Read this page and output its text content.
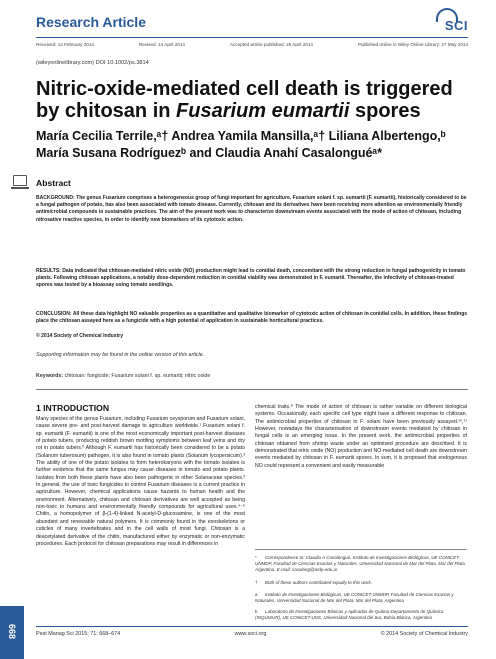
Research Article	SCI
Received: 14 February 2014	Revised: 14 April 2014	Accepted article published: 25 April 2014	Published online in Wiley Online Library: 27 May 2014
(wileyonlinelibrary.com) DOI 10.1002/ps.3814
Nitric-oxide-mediated cell death is triggered
by chitosan in Fusarium eumartii spores
María Cecilia Terrile,ᵃ† Andrea Yamila Mansilla,ᵃ† Liliana Albertengo,ᵇ
María Susana Rodríguezᵇ and Claudia Anahí Casalonguéᵃ*
Abstract
BACKGROUND: The genus Fusarium comprises a heterogeneous group of fungi important for agriculture. Fusarium solani f. sp. eumartii (F. eumartii), historically considered to be a fungal pathogen of potato, has also been associated with tomato disease. Currently, chitosan and its derivatives have been receiving more attention as environmentally friendly antimicrobial compounds in sustainable practices. The aim of the present work was to characterize downstream events associated with the mode of action of chitosan, including nitrosative reactive species, in order to identify new biomarkers of its cytotoxic action.
RESULTS: Data indicated that chitosan-mediated nitric oxide (NO) production might lead to conidial death, concomitant with the strong reduction in fungal pathogenicity in tomato plants. Following chitosan applications, a notably dose-dependent reduction in conidial viability was demonstrated in F. eumartii. Thereafter, the infectivity of chitosan-treated spores was tested by a bioassay using tomato seedlings.
CONCLUSION: All these data highlight NO valuable properties as a quantitative and qualitative biomarker of cytotoxic action of chitosan in conidial cells. In addition, these findings place the chitosan assayed here as a fungicide with a high potential of application in sustainable horticultural practices.
© 2014 Society of Chemical Industry
Supporting information may be found in the online version of this article.
Keywords: chitosan; fungicide; Fusarium solani f. sp. eumartii; nitric oxide
1 INTRODUCTION
Many species of the genus Fusarium, including Fusarium oxysporum and Fusarium solani, cause severe pre- and post-harvest damage to agriculture worldwide.¹ Fusarium solani f. sp. eumartii (F. eumartii) is one of the most economically important post-harvest diseases of potato tubers, producing reddish brown mottling symptoms between leaf veins and dry rot in potato tubers.² Although F. eumartii has historically been considered to be a potato (Solanum tuberosum) pathogen, it is also found in tomato plants (Solanum lycopersicum).³ The ability of one of the potato isolates to form heterokaryons with the tomato isolates is further evidence that the same fungus may cause diseases in tomato and potato plants. Isolates from both these plants have also been pathogenic in other Solanaceae species.³ In general, the use of toxic fungicides to control Fusarium diseases is a current practice in agriculture. However, chemical applications cause hazards to human health and the environment. Alternatively, chitosan and chitosan derivatives are well accepted as being non-toxic to humans and environmentally friendly compounds for agricultural uses.⁴⁻⁶ Chitin, a homopolymer of β-(1-4)-linked N-acetyl-D-glucosamine, is one of the most abundant and renewable natural polymers. It is commonly found in the exoskeletons or cuticles of many invertebrates and in the cell walls of most fungi. Chitosan is a deacetylated derivative of the chitin, manufactured either by enzymatic or non-enzymatic procedures. Each protocol for chitosan preparations may result in differences in
chemical traits.⁸ The mode of action of chitosan is rather variable on different biological systems. Occasionally, each specific cell type might have a different response to chitosan. The antimicrobial properties of chitosan in F. solani have been previously assayed.¹⁰,¹¹ However, nowadays the characterisation of downstream events mediated by chitosan in fungal cells is an emerging issue. In the present work, the antimicrobial properties of chitosan obtained from shrimp waste under an optimised procedure are described. It is demonstrated that nitric oxide (NO) production and NO-mediated cell death are downstream events mediated by chitosan in F. eumartii spores. In sum, it is proposed that endogenous NO could represent a convenient and easily measurable
* Correspondence to: Claudia A Casalongué, Instituto de Investigaciones Biológicas, UE CONICET-UNMDP, Facultad de Ciencias Exactas y Naturales, Universidad Nacional de Mar del Plata, Mar del Plata, Argentina. E-mail: casalong@mdp.edu.ar
† Both of these authors contributed equally to this work.
a Instituto de Investigaciones Biológicas, UE CONICET-UNMDP, Facultad de Ciencias Exactas y Naturales, Universidad Nacional de Mar del Plata, Mar del Plata, Argentina
b Laboratorio de Investigaciones Básicas y Aplicadas de Quitina-Departamento de Química (INQUISUR), UE CONICET-UNS, Universidad Nacional del Sur, Bahía Blanca, Argentina
668	Pest Manag Sci 2015; 71: 668–674	www.soci.org	© 2014 Society of Chemical Industry
